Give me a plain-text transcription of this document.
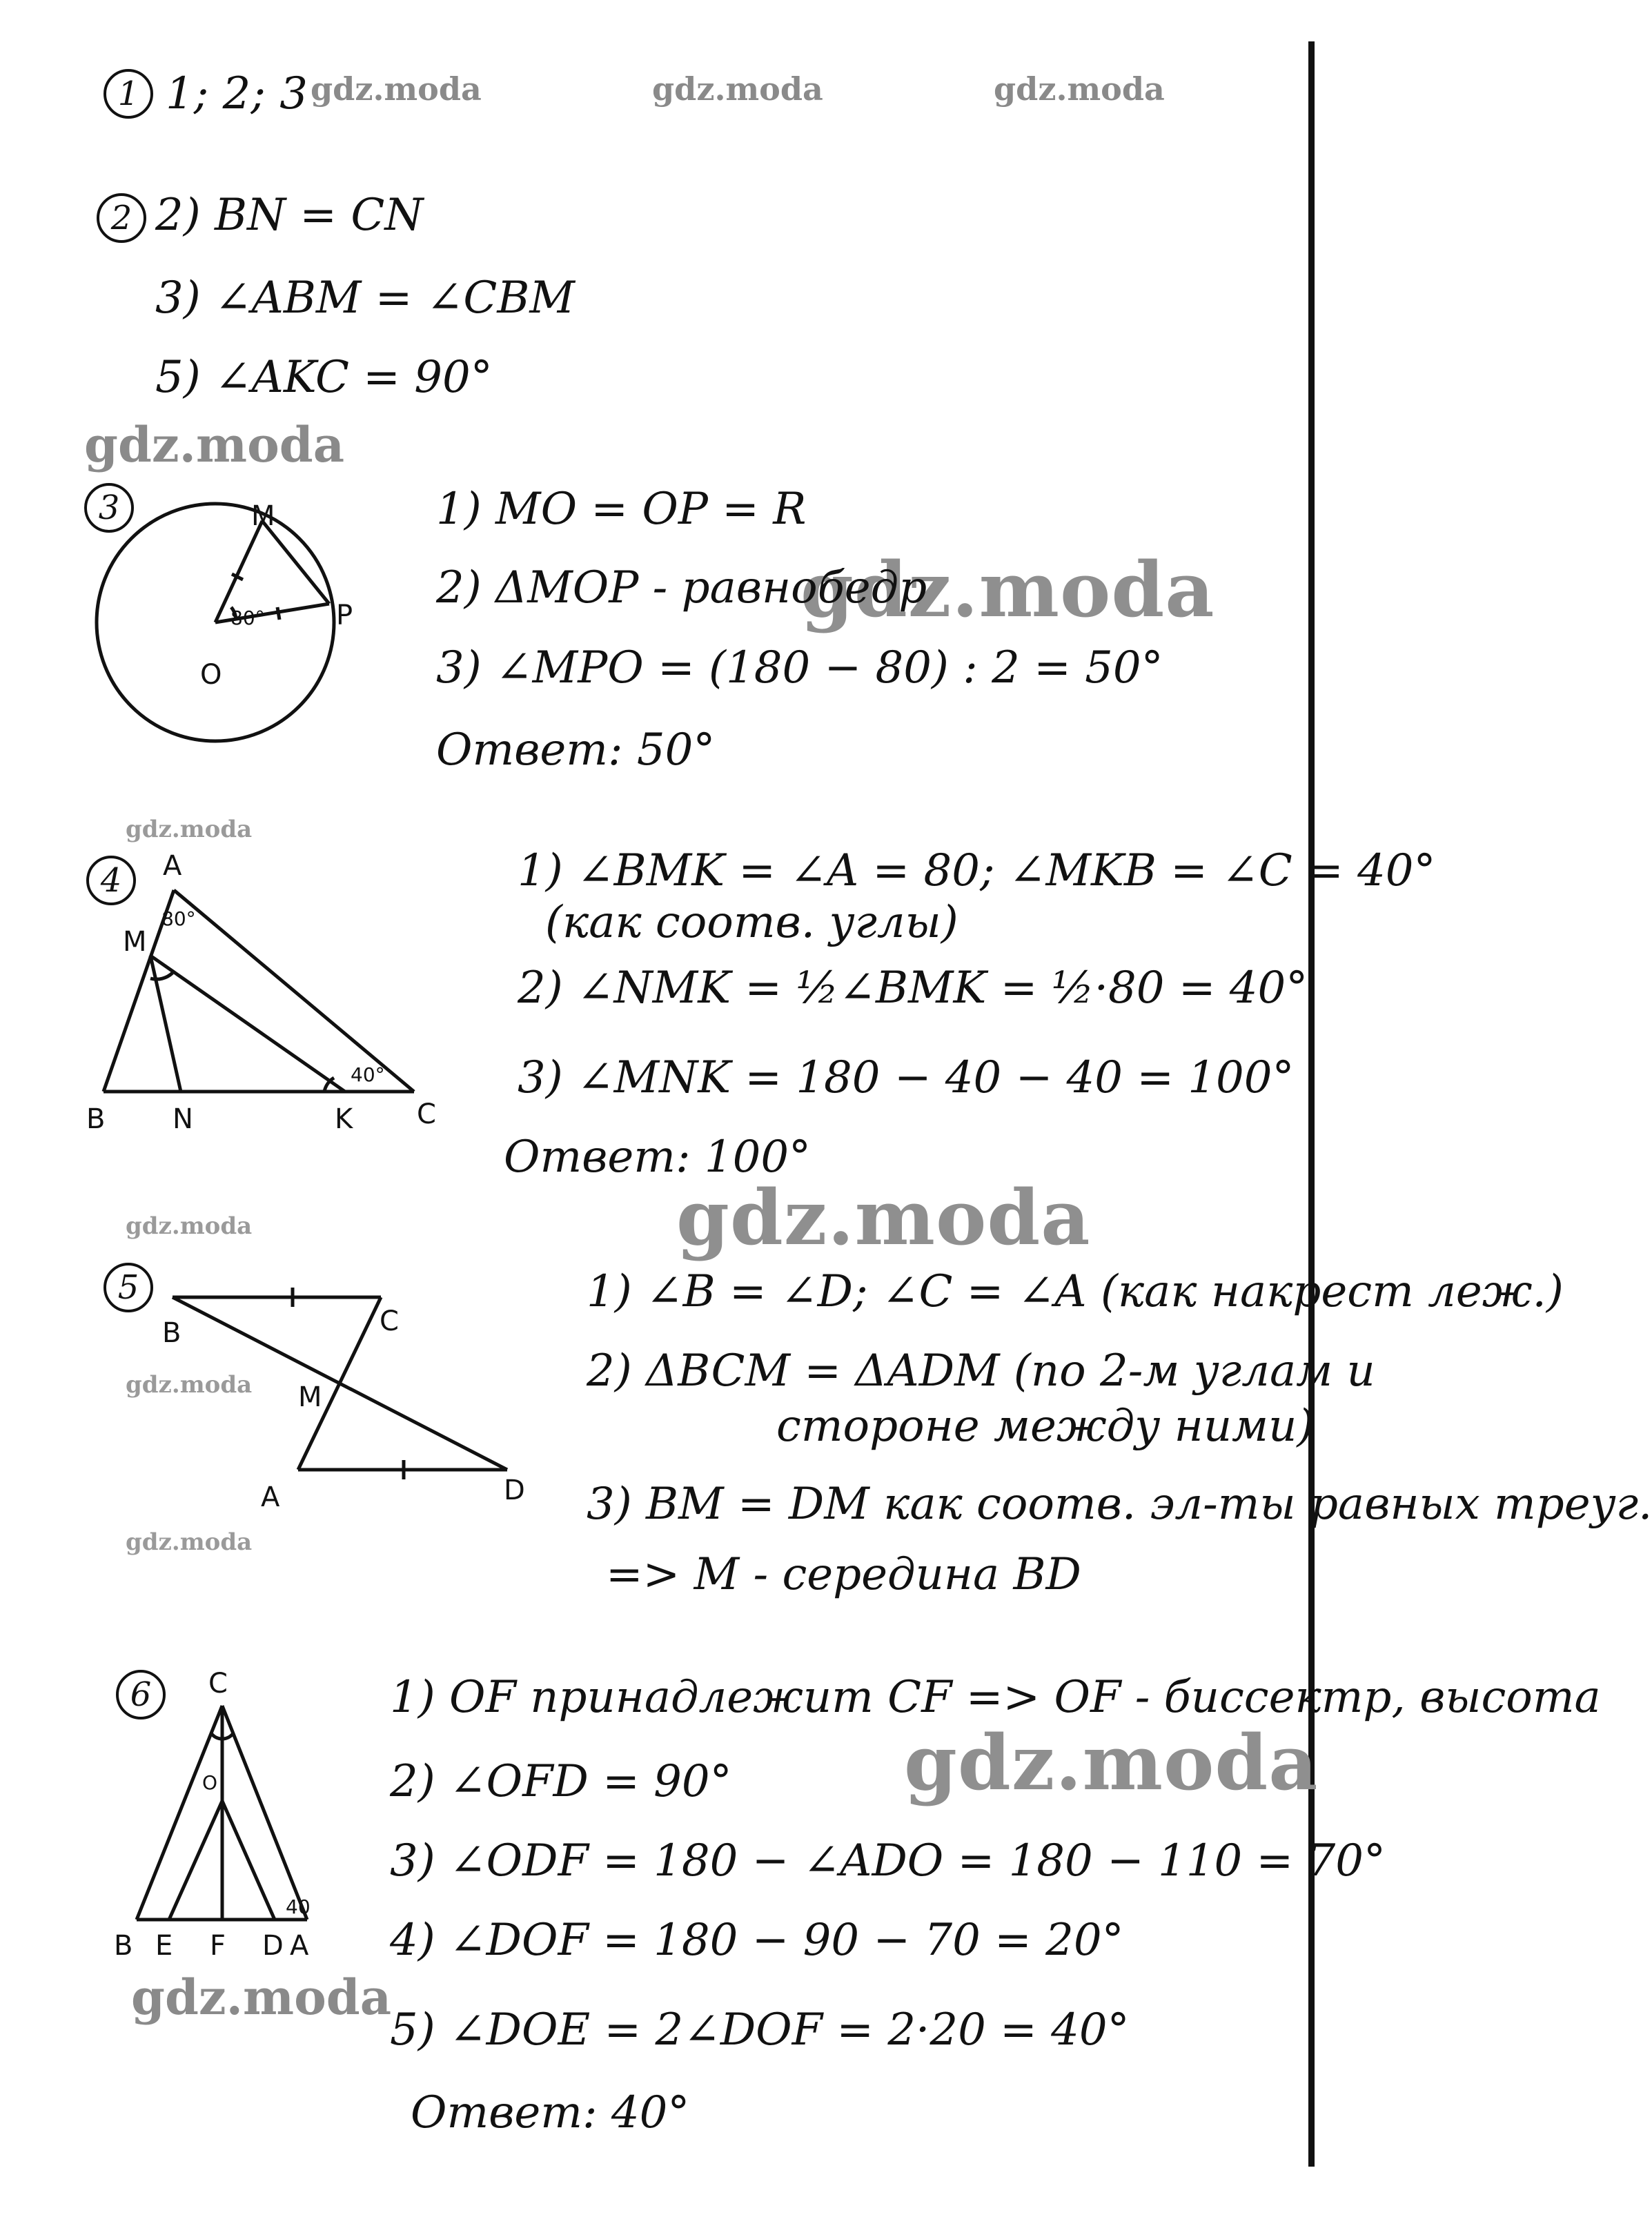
gdz.moda	gdz.moda	gdz.moda
gdz.moda
gdz.moda
gdz.moda
gdz.moda
gdz.moda
gdz.moda
gdz.moda
gdz.moda
gdz.moda
1 1; 2; 3
2 2) BN = CN
3) ∠ABM = ∠CBM
5) ∠AKC = 90°
3	M
P
O
80°
1) MO = OP = R
2) ΔMOP - равнобедр
3) ∠MPO = (180 − 80) : 2 = 50°
Ответ: 50°
4	A
M
80°
40°
B N	K C
1) ∠BMK = ∠A = 80; ∠MKB = ∠C = 40°
(как соотв. углы)
2) ∠NMK = ½∠BMK = ½·80 = 40°
3) ∠MNK = 180 − 40 − 40 = 100°
Ответ: 100°
5
B	C
M
A	D
1) ∠B = ∠D; ∠C = ∠A (как накрест леж.)
2) ΔBCM = ΔADM (по 2-м углам и
стороне между ними)
3) BM = DM как соотв. эл-ты равных треуг.
=> M - середина BD
6	C
O
40
B E F D A
1) OF принадлежит CF => OF - биссектр, высота
2) ∠OFD = 90°
3) ∠ODF = 180 − ∠ADO = 180 − 110 = 70°
4) ∠DOF = 180 − 90 − 70 = 20°
5) ∠DOE = 2∠DOF = 2·20 = 40°
Ответ: 40°
